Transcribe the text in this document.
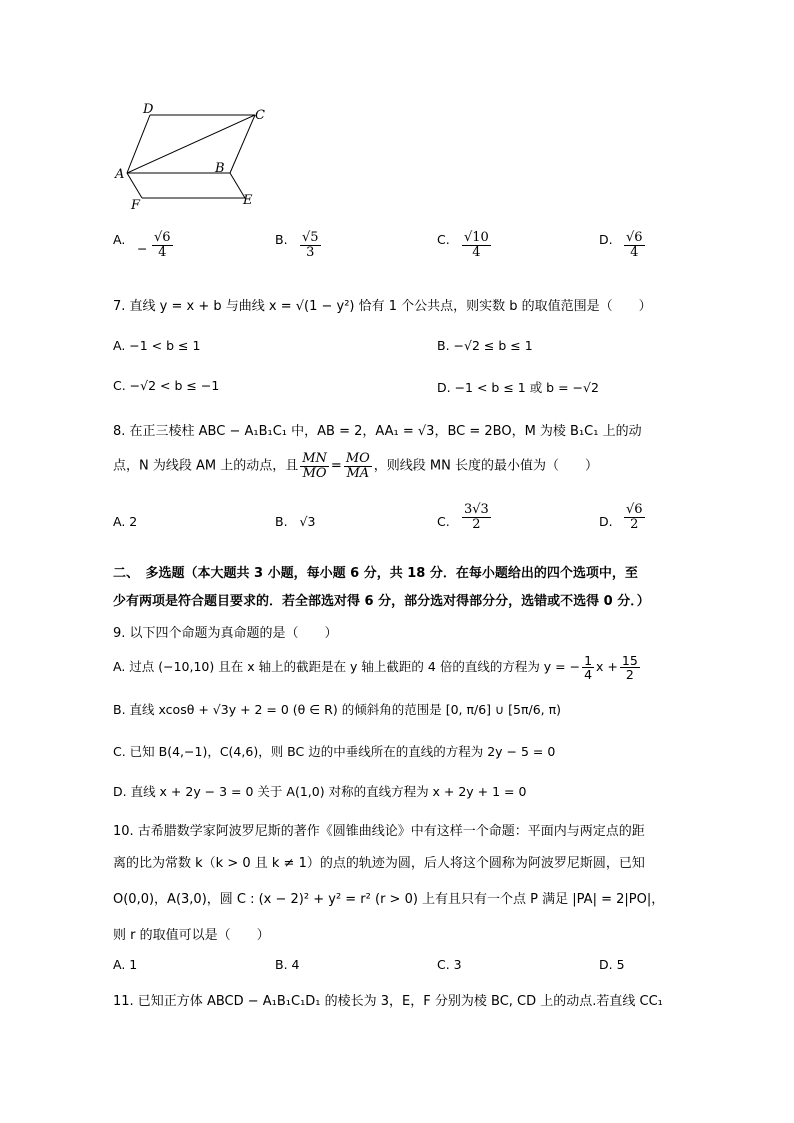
D	C
A	B
F	E
A.

− $\frac{√6}{4}$	B. $\frac{√5}{3}$	C. $\frac{√10}{4}$	D. $\frac{√6}{4}$
7. 直线 y = x + b 与曲线 x = √(1 − y²) 恰有 1 个公共点，则实数 b 的取值范围是（　　）
A. −1 < b ≤ 1	B. −√2 ≤ b ≤ 1
C. −√2 < b ≤ −1	D. −1 < b ≤ 1 或 b = −√2
8. 在正三棱柱 ABC − A₁B₁C₁ 中，AB = 2，AA₁ = √3，BC = 2BO，M 为棱 B₁C₁ 上的动
点，N 为线段 AM 上的动点，且 $\frac{MN}{MO} = \frac{MO}{MA}$ ，则线段 MN 长度的最小值为（　　）
A. 2	B. √3	C. $\frac{3√3}{2}$	D. $\frac{√6}{2}$
二、　多选题（本大题共 3 小题，每小题 6 分，共 18 分．在每小题给出的四个选项中，至
少有两项是符合题目要求的．若全部选对得 6 分，部分选对得部分分，选错或不选得 0 分．）
9. 以下四个命题为真命题的是（　　）
A. 过点 (−10,10) 且在 x 轴上的截距是在 y 轴上截距的 4 倍的直线的方程为 y = − $\frac{1}{4}$ $x + \frac{15}{2}$
B. 直线 xcosθ + √3y + 2 = 0 (θ ∈ R) 的倾斜角的范围是 [0, π/6] ∪ [5π/6, π)
C. 已知 B(4,−1)，C(4,6)，则 BC 边的中垂线所在的直线的方程为 2y − 5 = 0
D. 直线 x + 2y − 3 = 0 关于 A(1,0) 对称的直线方程为 x + 2y + 1 = 0
10. 古希腊数学家阿波罗尼斯的著作《圆锥曲线论》中有这样一个命题：平面内与两定点的距
离的比为常数 k（k > 0 且 k ≠ 1）的点的轨迹为圆，后人将这个圆称为阿波罗尼斯圆，已知
O(0,0)，A(3,0)，圆 C : (x − 2)² + y² = r² (r > 0) 上有且只有一个点 P 满足 |PA| = 2|PO|，
则 r 的取值可以是（　　）
A. 1	B. 4	C. 3	D. 5
11. 已知正方体 ABCD − A₁B₁C₁D₁ 的棱长为 3，E，F 分别为棱 BC, CD 上的动点.若直线 CC₁
